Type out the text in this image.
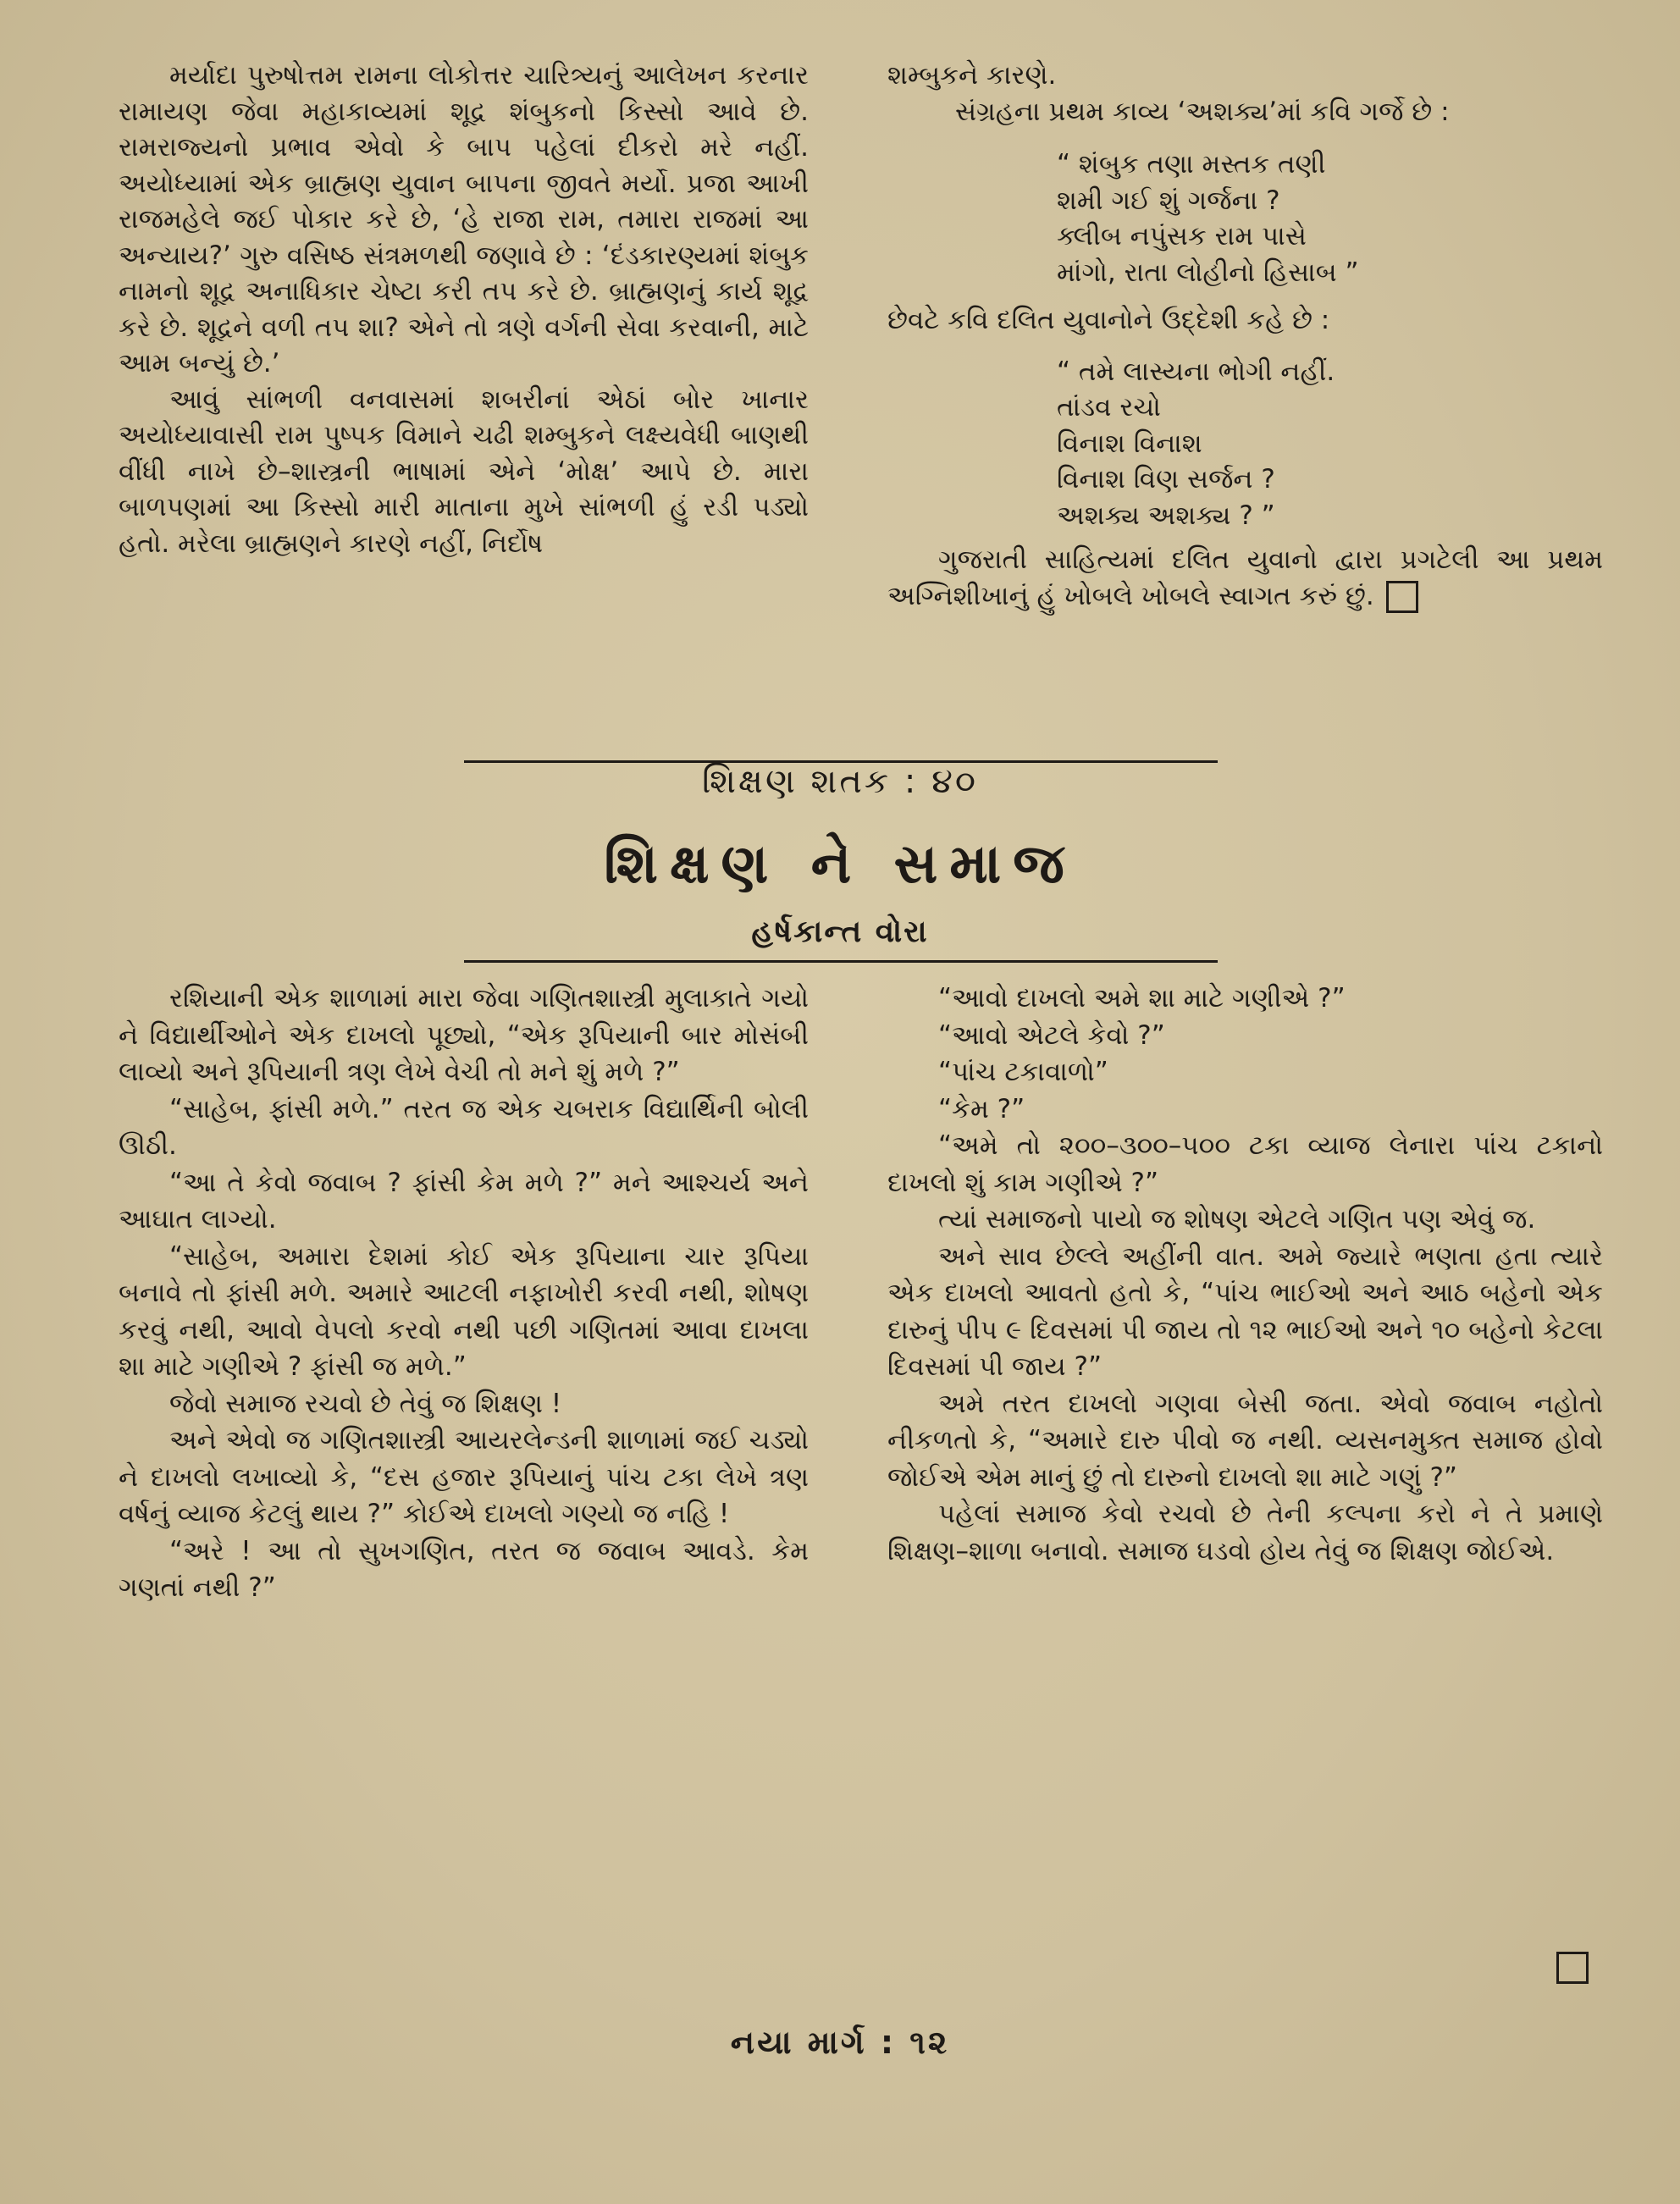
મર્યાદા પુરુષોત્તમ રામના લોકોત્તર ચારિત્ર્યનું આલેખન કરનાર રામાયણ જેવા મહાકાવ્યમાં શૂદ્ર શંબુકનો કિસ્સો આવે છે. રામરાજ્યનો પ્રભાવ એવો કે બાપ પહેલાં દીકરો મરે નહીં. અયોધ્યામાં એક બ્રાહ્મણ યુવાન બાપના જીવતે મર્યો. પ્રજા આખી રાજમહેલે જઈ પોકાર કરે છે, ‘હે રાજા રામ, તમારા રાજમાં આ અન્યાય?’ ગુરુ વસિષ્ઠ સંત્રમળથી જણાવે છે : ‘દંડકારણ્યમાં શંબુક નામનો શૂદ્ર અનાધિકાર ચેષ્ટા કરી તપ કરે છે. બ્રાહ્મણનું કાર્ય શૂદ્ર કરે છે. શૂદ્રને વળી તપ શા? એને તો ત્રણે વર્ગની સેવા કરવાની, માટે આમ બન્યું છે.’

આવું સાંભળી વનવાસમાં શબરીનાં એઠાં બોર ખાનાર અયોધ્યાવાસી રામ પુષ્પક વિમાને ચઢી શમ્બુકને લક્ષ્યવેધી બાણથી વીંધી નાખે છે–શાસ્ત્રની ભાષામાં એને ‘મોક્ષ’ આપે છે. મારા બાળપણમાં આ કિસ્સો મારી માતાના મુખે સાંભળી હું રડી પડ્યો હતો. મરેલા બ્રાહ્મણને કારણે નહીં, નિર્દોષ

શમ્બુકને કારણે.

સંગ્રહના પ્રથમ કાવ્ય ‘અશક્ય’માં કવિ ગર્જે છે :

“ શંબુક તણા મસ્તક તણી
શમી ગઈ શું ગર્જના ?
ક્લીબ નપુંસક રામ પાસે
માંગો, રાતા લોહીનો હિસાબ ”

છેવટે કવિ દલિત યુવાનોને ઉદ્દેશી કહે છે :

“ તમે લાસ્યના ભોગી નહીં.
તાંડવ રચો
વિનાશ વિનાશ
વિનાશ વિણ સર્જન ?
અશક્ય અશક્ય ? ”

ગુજરાતી સાહિત્યમાં દલિત યુવાનો દ્વારા પ્રગટેલી આ પ્રથમ અગ્નિશીખાનું હું ખોબલે ખોબલે સ્વાગત કરું છું.

શિક્ષણ શતક : ૪૦
શિક્ષણ ને સમાજ
હર્ષકાન્ત વોરા

રશિયાની એક શાળામાં મારા જેવા ગણિતશાસ્ત્રી મુલાકાતે ગયો ને વિદ્યાર્થીઓને એક દાખલો પૂછ્યો, “એક રૂપિયાની બાર મોસંબી લાવ્યો અને રૂપિયાની ત્રણ લેખે વેચી તો મને શું મળે ?”

“સાહેબ, ફાંસી મળે.” તરત જ એક ચબરાક વિદ્યાર્થિની બોલી ઊઠી.

“આ તે કેવો જવાબ ? ફાંસી કેમ મળે ?” મને આશ્ચર્ય અને આઘાત લાગ્યો.

“સાહેબ, અમારા દેશમાં કોઈ એક રૂપિયાના ચાર રૂપિયા બનાવે તો ફાંસી મળે. અમારે આટલી નફાખોરી કરવી નથી, શોષણ કરવું નથી, આવો વેપલો કરવો નથી પછી ગણિતમાં આવા દાખલા શા માટે ગણીએ ? ફાંસી જ મળે.”

જેવો સમાજ રચવો છે તેવું જ શિક્ષણ !

અને એવો જ ગણિતશાસ્ત્રી આયરલેન્ડની શાળામાં જઈ ચડ્યો ને દાખલો લખાવ્યો કે, “દસ હજાર રૂપિયાનું પાંચ ટકા લેખે ત્રણ વર્ષનું વ્યાજ કેટલું થાય ?” કોઈએ દાખલો ગણ્યો જ નહિ !

“અરે ! આ તો સુખગણિત, તરત જ જવાબ આવડે. કેમ ગણતાં નથી ?”

“આવો દાખલો અમે શા માટે ગણીએ ?”

“આવો એટલે કેવો ?”

“પાંચ ટકાવાળો”

“કેમ ?”

“અમે તો ૨૦૦–૩૦૦–૫૦૦ ટકા વ્યાજ લેનારા પાંચ ટકાનો દાખલો શું કામ ગણીએ ?”

ત્યાં સમાજનો પાયો જ શોષણ એટલે ગણિત પણ એવું જ.

અને સાવ છેલ્લે અહીંની વાત. અમે જ્યારે ભણતા હતા ત્યારે એક દાખલો આવતો હતો કે, “પાંચ ભાઈઓ અને આઠ બહેનો એક દારુનું પીપ ૯ દિવસમાં પી જાય તો ૧૨ ભાઈઓ અને ૧૦ બહેનો કેટલા દિવસમાં પી જાય ?”

અમે તરત દાખલો ગણવા બેસી જતા. એવો જવાબ નહોતો નીકળતો કે, “અમારે દારુ પીવો જ નથી. વ્યસનમુક્ત સમાજ હોવો જોઈએ એમ માનું છું તો દારુનો દાખલો શા માટે ગણું ?”

પહેલાં સમાજ કેવો રચવો છે તેની કલ્પના કરો ને તે પ્રમાણે શિક્ષણ–શાળા બનાવો. સમાજ ઘડવો હોય તેવું જ શિક્ષણ જોઈએ.

નયા માર્ગ : ૧૨
